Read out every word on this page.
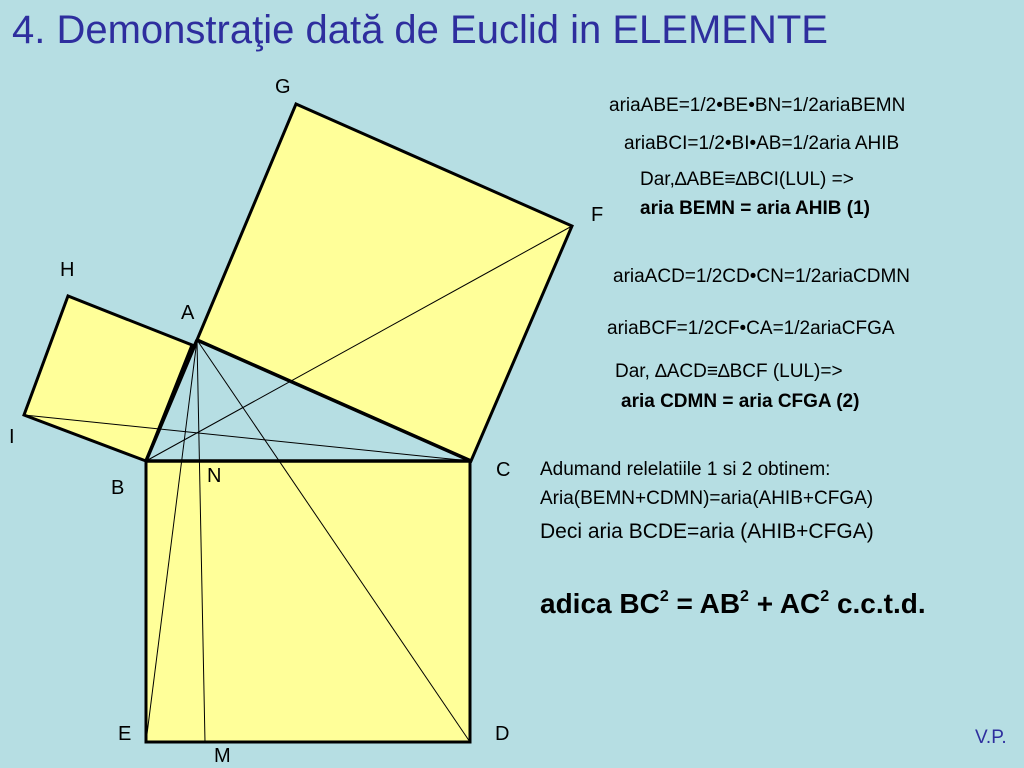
4. Demonstraţie dată de Euclid in ELEMENTE
G
F
H
A
I
B
N	C
E	D
M
ariaABE=1/2•BE•BN=1/2ariaBEMN
ariaBCI=1/2•BI•AB=1/2aria AHIB
Dar,∆ABE≡∆BCI(LUL) =>
aria BEMN = aria AHIB (1)
ariaACD=1/2CD•CN=1/2ariaCDMN
ariaBCF=1/2CF•CA=1/2ariaCFGA
Dar, ∆ACD≡∆BCF (LUL)=>
aria CDMN = aria CFGA (2)
Adumand relelatiile 1 si 2 obtinem:
Aria(BEMN+CDMN)=aria(AHIB+CFGA)
Deci aria BCDE=aria (AHIB+CFGA)
adica $BC^2 = AB^2 + AC^2$ c.c.t.d.
V.P.
